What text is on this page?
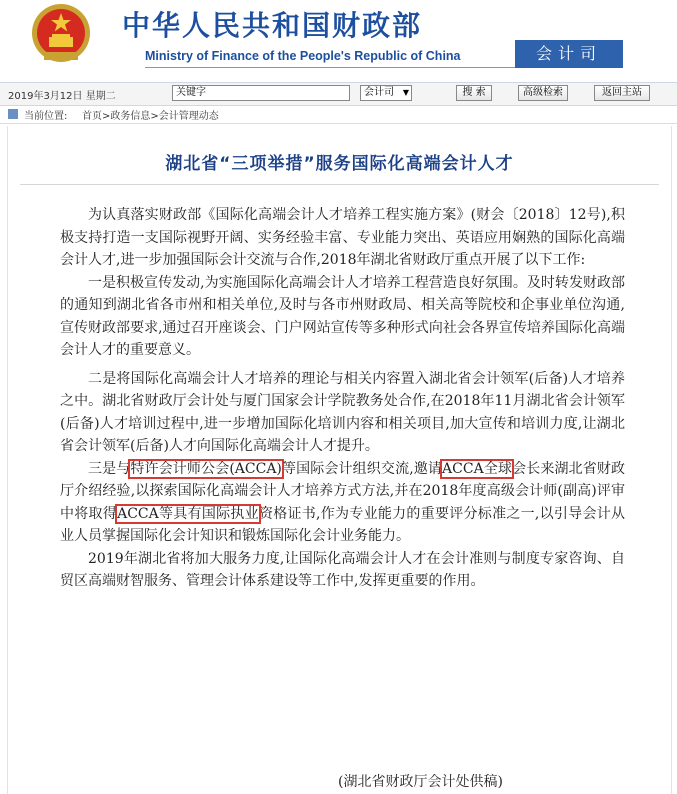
中华人民共和国财政部
Ministry of Finance of the People's Republic of China	会计司
2019年3月12日 星期二	关键字	会计司 ▼	搜 索	高级检索	返回主站
当前位置: 首页>政务信息>会计管理动态
湖北省“三项举措”服务国际化高端会计人才

为认真落实财政部《国际化高端会计人才培养工程实施方案》(财会〔2018〕12号),积极支持打造一支国际视野开阔、实务经验丰富、专业能力突出、英语应用娴熟的国际化高端会计人才,进一步加强国际会计交流与合作,2018年湖北省财政厅重点开展了以下工作:

一是积极宣传发动,为实施国际化高端会计人才培养工程营造良好氛围。及时转发财政部的通知到湖北省各市州和相关单位,及时与各市州财政局、相关高等院校和企事业单位沟通,宣传财政部要求,通过召开座谈会、门户网站宣传等多种形式向社会各界宣传培养国际化高端会计人才的重要意义。

二是将国际化高端会计人才培养的理论与相关内容置入湖北省会计领军(后备)人才培养之中。湖北省财政厅会计处与厦门国家会计学院教务处合作,在2018年11月湖北省会计领军(后备)人才培训过程中,进一步增加国际化培训内容和相关项目,加大宣传和培训力度,让湖北省会计领军(后备)人才向国际化高端会计人才提升。

三是与特许会计师公会(ACCA)等国际会计组织交流,邀请ACCA全球会长来湖北省财政厅介绍经验,以探索国际化高端会计人才培养方式方法,并在2018年度高级会计师(副高)评审中将取得ACCA等具有国际执业资格证书,作为专业能力的重要评分标准之一,以引导会计从业人员掌握国际化会计知识和锻炼国际化会计业务能力。

2019年湖北省将加大服务力度,让国际化高端会计人才在会计准则与制度专家咨询、自贸区高端财智服务、管理会计体系建设等工作中,发挥更重要的作用。

(湖北省财政厅会计处供稿)
